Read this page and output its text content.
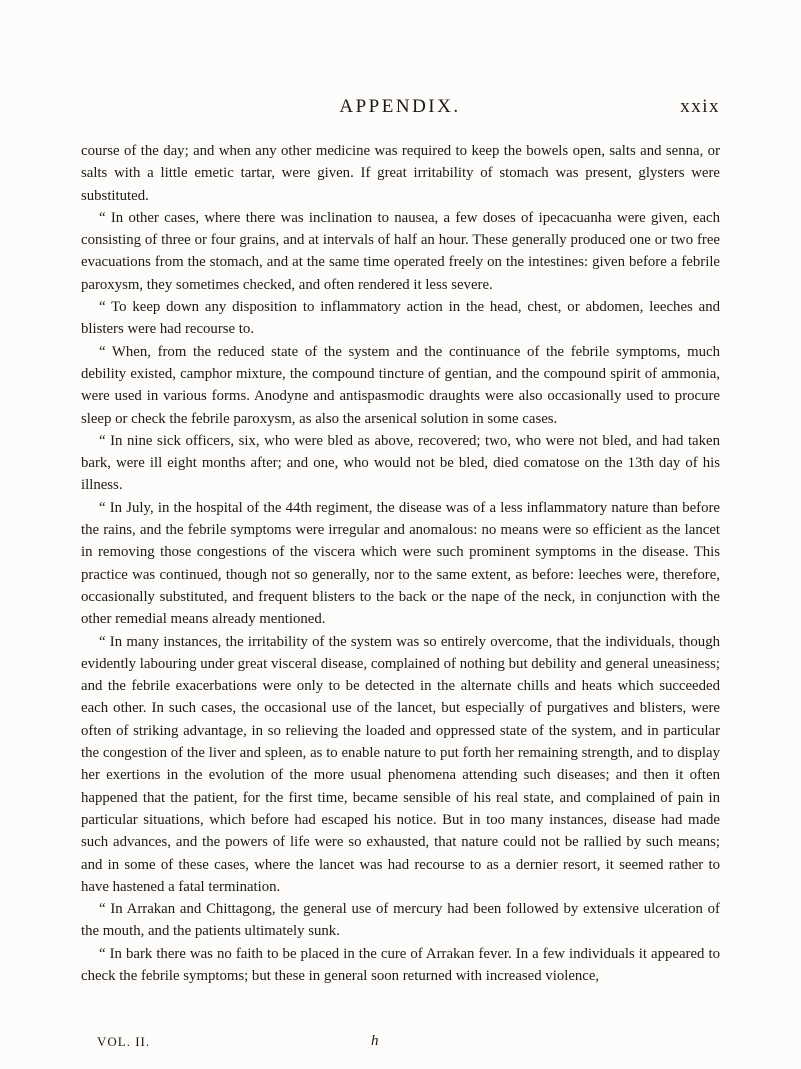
APPENDIX.	xxix

course of the day; and when any other medicine was required to keep the bowels open, salts and senna, or salts with a little emetic tartar, were given. If great irritability of stomach was present, glysters were substituted.

“ In other cases, where there was inclination to nausea, a few doses of ipecacuanha were given, each consisting of three or four grains, and at intervals of half an hour. These generally produced one or two free evacuations from the stomach, and at the same time operated freely on the intestines: given before a febrile paroxysm, they sometimes checked, and often rendered it less severe.

“ To keep down any disposition to inflammatory action in the head, chest, or abdomen, leeches and blisters were had recourse to.

“ When, from the reduced state of the system and the continuance of the febrile symptoms, much debility existed, camphor mixture, the compound tincture of gentian, and the compound spirit of ammonia, were used in various forms. Anodyne and antispasmodic draughts were also occasionally used to procure sleep or check the febrile paroxysm, as also the arsenical solution in some cases.

“ In nine sick officers, six, who were bled as above, recovered; two, who were not bled, and had taken bark, were ill eight months after; and one, who would not be bled, died comatose on the 13th day of his illness.

“ In July, in the hospital of the 44th regiment, the disease was of a less inflammatory nature than before the rains, and the febrile symptoms were irregular and anomalous: no means were so efficient as the lancet in removing those congestions of the viscera which were such prominent symptoms in the disease. This practice was continued, though not so generally, nor to the same extent, as before: leeches were, therefore, occasionally substituted, and frequent blisters to the back or the nape of the neck, in conjunction with the other remedial means already mentioned.

“ In many instances, the irritability of the system was so entirely overcome, that the individuals, though evidently labouring under great visceral disease, complained of nothing but debility and general uneasiness; and the febrile exacerbations were only to be detected in the alternate chills and heats which succeeded each other. In such cases, the occasional use of the lancet, but especially of purgatives and blisters, were often of striking advantage, in so relieving the loaded and oppressed state of the system, and in particular the congestion of the liver and spleen, as to enable nature to put forth her remaining strength, and to display her exertions in the evolution of the more usual phenomena attending such diseases; and then it often happened that the patient, for the first time, became sensible of his real state, and complained of pain in particular situations, which before had escaped his notice. But in too many instances, disease had made such advances, and the powers of life were so exhausted, that nature could not be rallied by such means; and in some of these cases, where the lancet was had recourse to as a dernier resort, it seemed rather to have hastened a fatal termination.

“ In Arrakan and Chittagong, the general use of mercury had been followed by extensive ulceration of the mouth, and the patients ultimately sunk.

“ In bark there was no faith to be placed in the cure of Arrakan fever. In a few individuals it appeared to check the febrile symptoms; but these in general soon returned with increased violence,

VOL. II.	h
